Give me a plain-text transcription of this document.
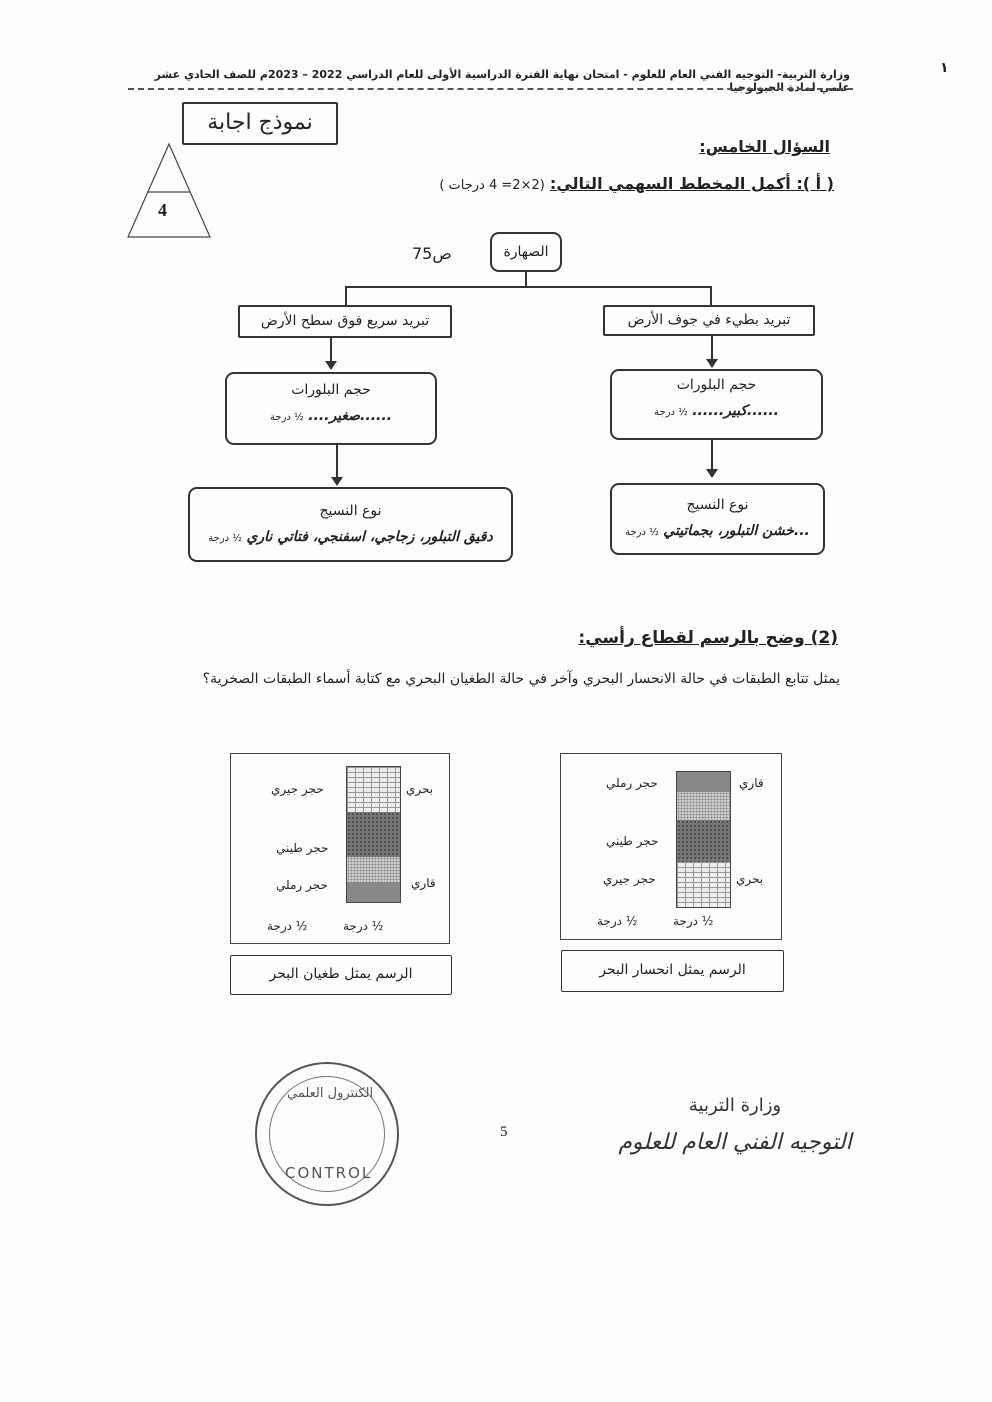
وزارة التربية- التوجيه الفني العام للعلوم - امتحان نهاية الفترة الدراسية الأولى للعام الدراسي 2022 – 2023م للصف الحادي عشر علمي لمادة الجيولوجيا
١
نموذج اجابة
4
السؤال الخامس:
( أ ): أكمل المخطط السهمي التالي: (2×2= 4 درجات )
الصهارة
ص75
تبريد سريع فوق سطح الأرض	تبريد بطيء في جوف الأرض
حجم البلورات
......صغير.... ½ درجة
حجم البلورات
......كبير...... ½ درجة
نوع النسيج
دقيق التبلور، زجاجي، اسفنجي، فتاتي ناري ½ درجة
نوع النسيج
...خشن التبلور، بجماتيتي ½ درجة
(2) وضح بالرسم لقطاع رأسي:
يمثل تتابع الطبقات في حالة الانحسار البحري وآخر في حالة الطغيان البحري مع كتابة أسماء الطبقات الصخرية؟
حجر جيري
حجر طيني
حجر رملي
بحري
قاري
½ درجة	½ درجة
الرسم يمثل طغيان البحر
حجر رملي
حجر طيني
حجر جيري
قاري
بحري
½ درجة	½ درجة
الرسم يمثل انحسار البحر
5
الكنترول العلمي
CONTROL
وزارة التربية
التوجيه الفني العام للعلوم
